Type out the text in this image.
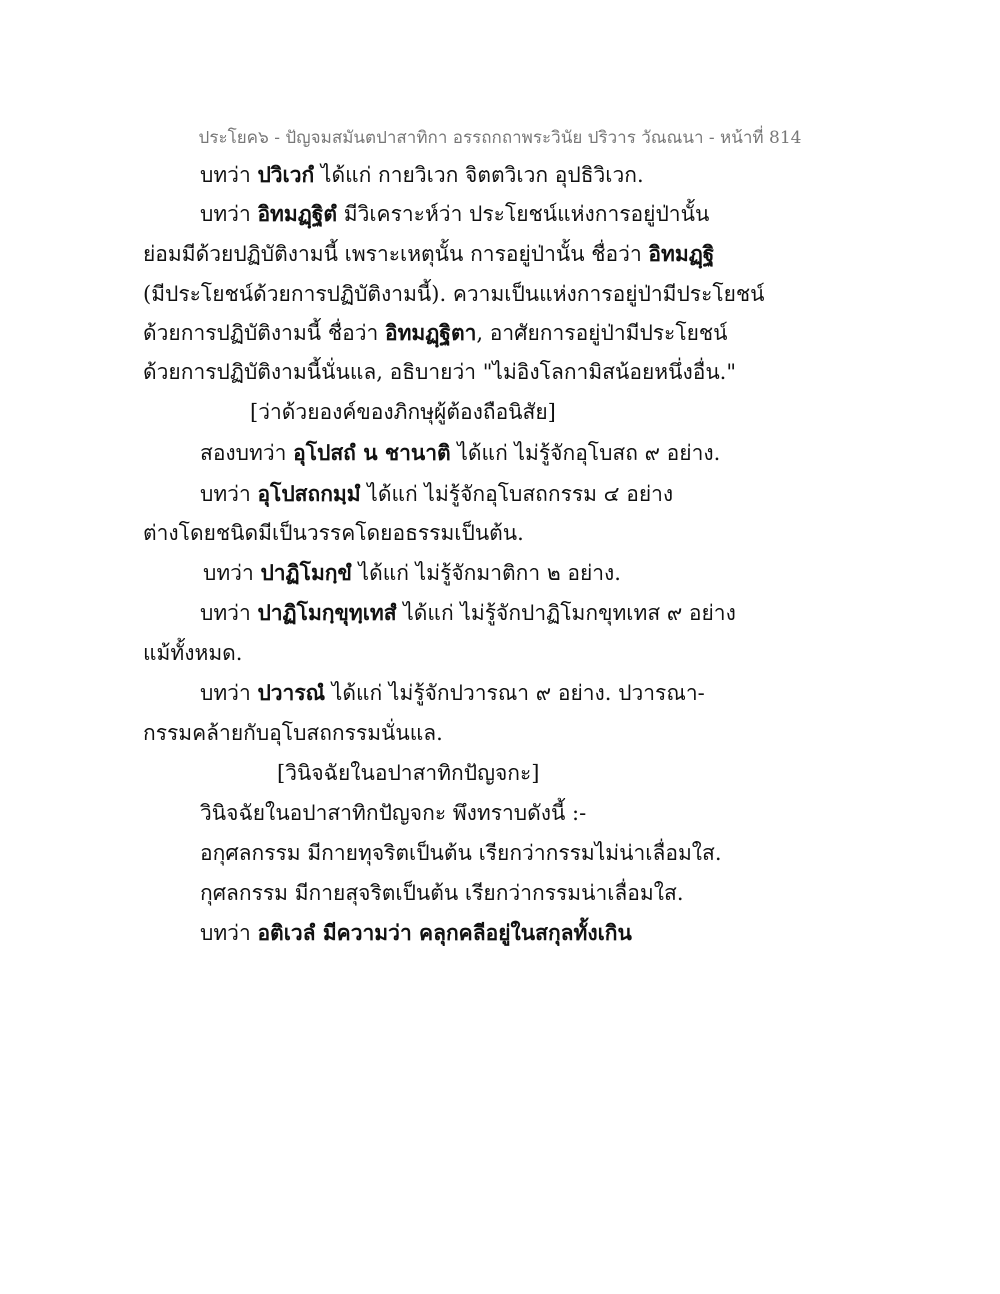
ประโยค๖ - ปัญจมสมันตปาสาทิกา อรรถกถาพระวินัย ปริวาร วัณณนา - หน้าที่ 814
บทว่า ปวิเวกํ ได้แก่ กายวิเวก จิตตวิเวก อุปธิวิเวก.
บทว่า อิทมฏฺฐิตํ มีวิเคราะห์ว่า ประโยชน์แห่งการอยู่ป่านั้น
ย่อมมีด้วยปฏิบัติงามนี้ เพราะเหตุนั้น การอยู่ป่านั้น ชื่อว่า อิทมฏฺฐิ
(มีประโยชน์ด้วยการปฏิบัติงามนี้). ความเป็นแห่งการอยู่ป่ามีประโยชน์
ด้วยการปฏิบัติงามนี้ ชื่อว่า อิทมฏฺฐิตา, อาศัยการอยู่ป่ามีประโยชน์
ด้วยการปฏิบัติงามนี้นั่นแล, อธิบายว่า "ไม่อิงโลกามิสน้อยหนึ่งอื่น."
[ว่าด้วยองค์ของภิกษุผู้ต้องถือนิสัย]
สองบทว่า อุโปสถํ น ชานาติ ได้แก่ ไม่รู้จักอุโบสถ ๙ อย่าง.
บทว่า อุโปสถกมฺมํ ได้แก่ ไม่รู้จักอุโบสถกรรม ๔ อย่าง
ต่างโดยชนิดมีเป็นวรรคโดยอธรรมเป็นต้น.
บทว่า ปาฏิโมกฺขํ ได้แก่ ไม่รู้จักมาติกา ๒ อย่าง.
บทว่า ปาฏิโมกฺขุทฺเทสํ ได้แก่ ไม่รู้จักปาฏิโมกขุทเทส ๙ อย่าง
แม้ทั้งหมด.
บทว่า ปวารณํ ได้แก่ ไม่รู้จักปวารณา ๙ อย่าง. ปวารณา-
กรรมคล้ายกับอุโบสถกรรมนั่นแล.
[วินิจฉัยในอปาสาทิกปัญจกะ]
วินิจฉัยในอปาสาทิกปัญจกะ พึงทราบดังนี้ :-
อกุศลกรรม มีกายทุจริตเป็นต้น เรียกว่ากรรมไม่น่าเลื่อมใส.
กุศลกรรม มีกายสุจริตเป็นต้น เรียกว่ากรรมน่าเลื่อมใส.
บทว่า อติเวลํ มีความว่า คลุกคลีอยู่ในสกุลทั้งเกิน
